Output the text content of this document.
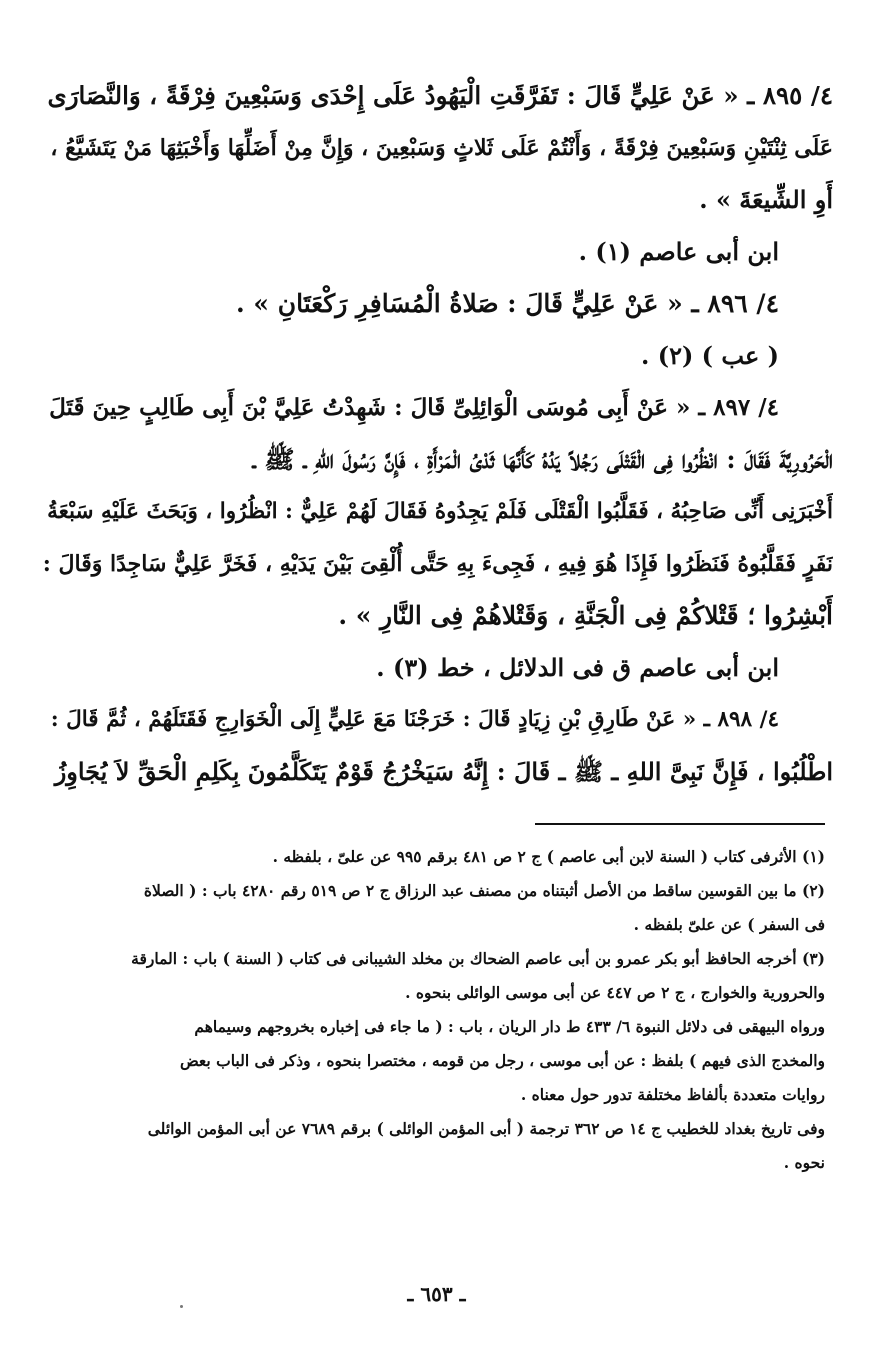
٤/ ٨٩٥ ـ « عَنْ عَلِيٍّ قَالَ : تَفَرَّقَتِ الْيَهُودُ عَلَى إِحْدَى وَسَبْعِينَ فِرْقَةً ، وَالنَّصَارَى
عَلَى ثِنْتَيْنِ وَسَبْعِينَ فِرْقَةً ، وَأَنْتُمْ عَلَى ثَلاثٍ وَسَبْعِينَ ، وَإِنَّ مِنْ أَضَلِّهَا وَأَخْبَثِهَا مَنْ يَتَشَيَّعُ ،
أَوِ الشِّيعَةَ » .
ابن أبى عاصم (١) .
٤/ ٨٩٦ ـ « عَنْ عَلِيٍّ قَالَ : صَلاةُ الْمُسَافِرِ رَكْعَتَانِ » .
( عب ) (٢) .
٤/ ٨٩٧ ـ « عَنْ أَبِى مُوسَى الْوَائِلِىِّ قَالَ : شَهِدْتُ عَلِيَّ بْنَ أَبِى طَالِبٍ حِينَ قَتَلَ
الْحَرُورِيَّةَ فَقَالَ : انْظُرُوا فِى الْقَتْلَى رَجُلاً يَدُهُ كَأَنَّهَا ثَدْىُ الْمَرْأَةِ ، فَإِنَّ رَسُولَ اللهِ ـ ﷺ ـ
أَخْبَرَنِى أَنِّى صَاحِبُهُ ، فَقَلَّبُوا الْقَتْلَى فَلَمْ يَجِدُوهُ فَقَالَ لَهُمْ عَلِيٌّ : انْظُرُوا ، وَبَحَثَ عَلَيْهِ سَبْعَةُ
نَفَرٍ فَقَلَّبُوهُ فَنَظَرُوا فَإِذَا هُوَ فِيهِ ، فَجِىءَ بِهِ حَتَّى أُلْقِىَ بَيْنَ يَدَيْهِ ، فَخَرَّ عَلِيٌّ سَاجِدًا وَقَالَ :
أَبْشِرُوا ؛ قَتْلاكُمْ فِى الْجَنَّةِ ، وَقَتْلاهُمْ فِى النَّارِ » .
ابن أبى عاصم ق فى الدلائل ، خط (٣) .
٤/ ٨٩٨ ـ « عَنْ طَارِقِ بْنِ زِيَادٍ قَالَ : خَرَجْنَا مَعَ عَلِيٍّ إِلَى الْخَوَارِجِ فَقَتَلَهُمْ ، ثُمَّ قَالَ :
اطْلُبُوا ، فَإِنَّ نَبِىَّ اللهِ ـ ﷺ ـ قَالَ : إِنَّهُ سَيَخْرُجُ قَوْمٌ يَتَكَلَّمُونَ بِكَلِمِ الْحَقِّ لاَ يُجَاوِزُ
(١) الأثرفى كتاب ( السنة لابن أبى عاصم ) ج ٢ ص ٤٨١ برقم ٩٩٥ عن علىّ ، بلفظه .
(٢) ما بين القوسين ساقط من الأصل أثبتناه من مصنف عبد الرزاق ج ٢ ص ٥١٩ رقم ٤٢٨٠ باب : ( الصلاة
فى السفر ) عن علىّ بلفظه .
(٣) أخرجه الحافظ أبو بكر عمرو بن أبى عاصم الضحاك بن مخلد الشيبانى فى كتاب ( السنة ) باب : المارقة
والحرورية والخوارج ، ج ٢ ص ٤٤٧ عن أبى موسى الوائلى بنحوه .
ورواه البيهقى فى دلائل النبوة ٦/ ٤٣٣ ط دار الريان ، باب : ( ما جاء فى إخباره بخروجهم وسيماهم
والمخدج الذى فيهم ) بلفظ : عن أبى موسى ، رجل من قومه ، مختصرا بنحوه ، وذكر فى الباب بعض
روايات متعددة بألفاظ مختلفة تدور حول معناه .
وفى تاريخ بغداد للخطيب ج ١٤ ص ٣٦٢ ترجمة ( أبى المؤمن الوائلى ) برقم ٧٦٨٩ عن أبى المؤمن الوائلى
نحوه .
ـ ٦٥٣ ـ
